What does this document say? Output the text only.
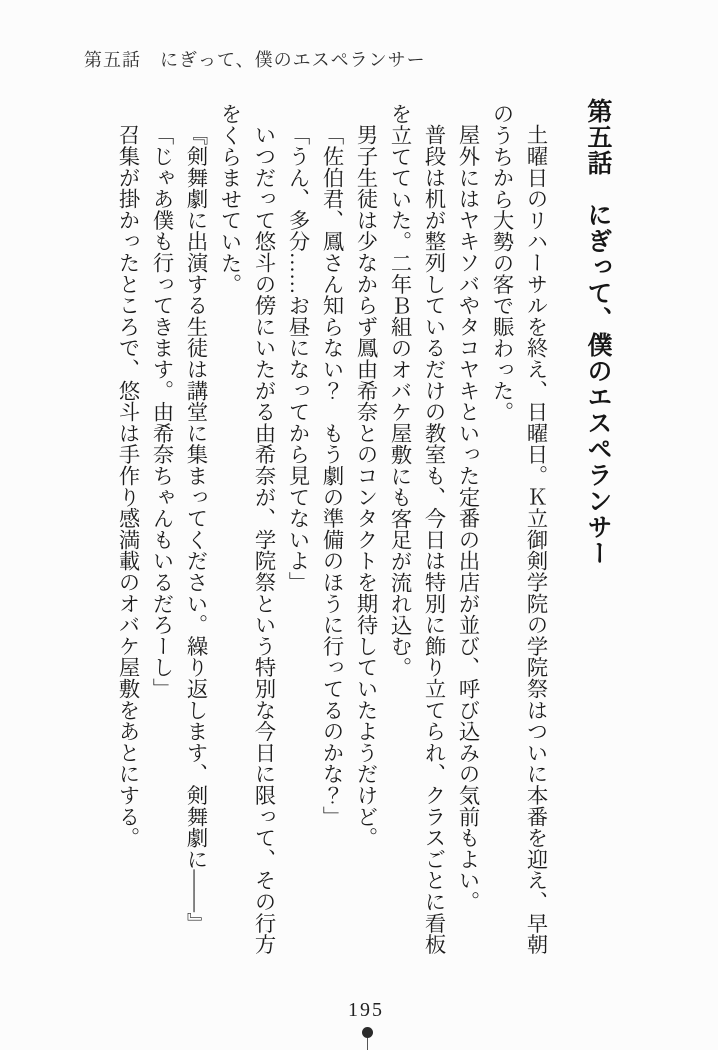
第五話　にぎって、僕のエスペランサー
第五話　にぎって、僕のエスペランサー

土曜日のリハーサルを終え、日曜日。Ｋ立御剣学院の学院祭はついに本番を迎え、早朝のうちから大勢の客で賑わった。

屋外にはヤキソバやタコヤキといった定番の出店が並び、呼び込みの気前もよい。

普段は机が整列しているだけの教室も、今日は特別に飾り立てられ、クラスごとに看板を立てていた。二年Ｂ組のオバケ屋敷にも客足が流れ込む。

男子生徒は少なからず鳳由希奈とのコンタクトを期待していたようだけど。

「佐伯君、鳳さん知らない？　もう劇の準備のほうに行ってるのかな？」

「うん、多分……お昼になってから見てないよ」

いつだって悠斗の傍にいたがる由希奈が、学院祭という特別な今日に限って、その行方をくらませていた。

『剣舞劇に出演する生徒は講堂に集まってください。繰り返します、剣舞劇に――』

「じゃあ僕も行ってきます。由希奈ちゃんもいるだろーし」

召集が掛かったところで、悠斗は手作り感満載のオバケ屋敷をあとにする。

195
